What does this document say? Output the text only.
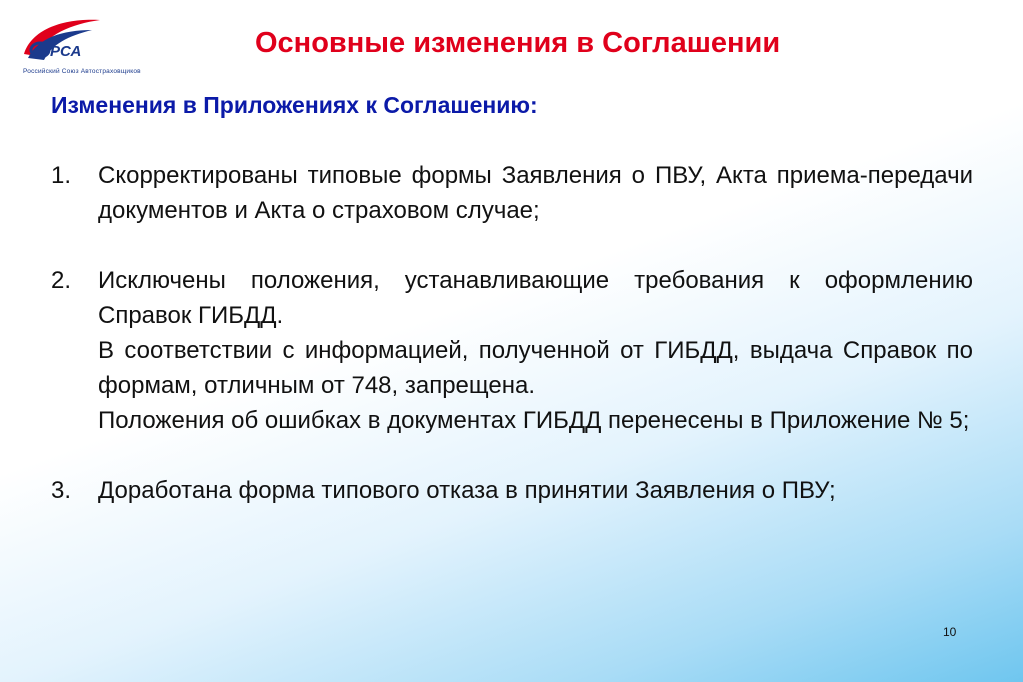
РСА
Российский Союз Автостраховщиков
Основные изменения в Соглашении
Изменения в Приложениях к Соглашению:
1. Скорректированы типовые формы Заявления о ПВУ, Акта приема-передачи документов и Акта о страховом случае;

2. Исключены положения, устанавливающие требования к оформлению Справок ГИБДД.

В соответствии с информацией, полученной от ГИБДД, выдача Справок по формам, отличным от 748, запрещена.

Положения об ошибках в документах ГИБДД перенесены в Приложение № 5;

3. Доработана форма типового отказа в принятии Заявления о ПВУ;

10
